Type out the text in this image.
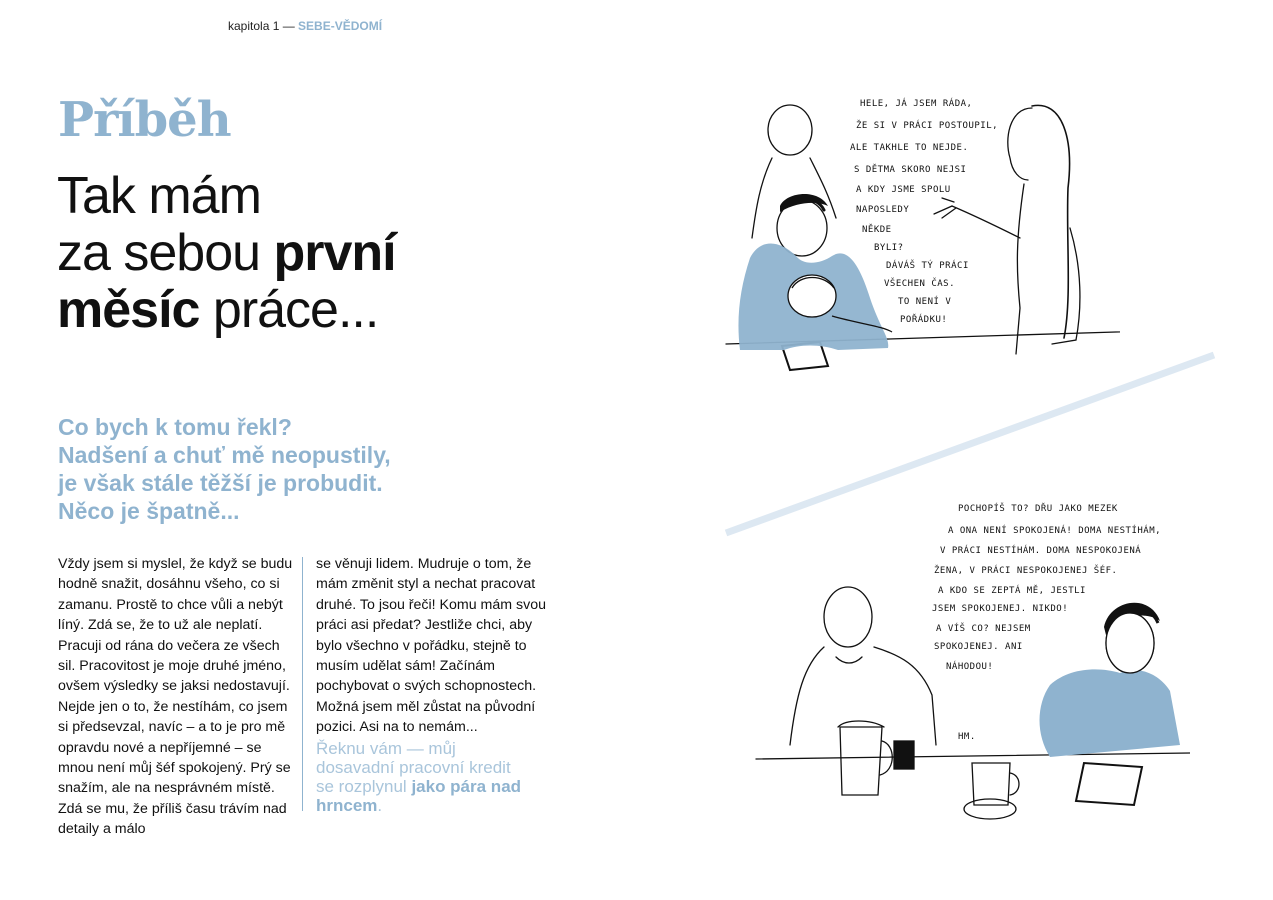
kapitola 1 — SEBE-VĚDOMÍ
Příběh
Tak mám
za sebou první
měsíc práce...
Co bych k tomu řekl?
Nadšení a chuť mě neopustily,
je však stále těžší je probudit.
Něco je špatně...
Vždy jsem si myslel, že když se budu hodně snažit, dosáhnu všeho, co si zamanu. Prostě to chce vůli a nebýt líný. Zdá se, že to už ale neplatí. Pracuji od rána do večera ze všech sil. Pracovitost je moje druhé jméno, ovšem výsledky se jaksi nedostavují. Nejde jen o to, že nestíhám, co jsem si předsevzal, navíc – a to je pro mě opravdu nové a nepříjemné – se mnou není můj šéf spokojený. Prý se snažím, ale na nesprávném místě. Zdá se mu, že příliš času trávím nad detaily a málo
se věnuji lidem. Mudruje o tom, že mám změnit styl a nechat pracovat druhé. To jsou řeči! Komu mám svou práci asi předat? Jestliže chci, aby bylo všechno v pořádku, stejně to musím udělat sám! Začínám pochybovat o svých schopnostech. Možná jsem měl zůstat na původní pozici. Asi na to nemám...
Řeknu vám — můj dosavadní pracovní kredit se rozplynul jako pára nad hrncem.
HELE, JÁ JSEM RÁDA,
ŽE SI V PRÁCI POSTOUPIL,
ALE TAKHLE TO NEJDE.
S DĚTMA SKORO NEJSI
A KDY JSME SPOLU
NAPOSLEDY
NĚKDE
BYLI?
DÁVÁŠ TÝ PRÁCI
VŠECHEN ČAS.
TO NENÍ V
POŘÁDKU!
POCHOPÍŠ TO? DŘU JAKO MEZEK
A ONA NENÍ SPOKOJENÁ! DOMA NESTÍHÁM,
V PRÁCI NESTÍHÁM. DOMA NESPOKOJENÁ
ŽENA, V PRÁCI NESPOKOJENEJ ŠÉF.
A KDO SE ZEPTÁ MĚ, JESTLI
JSEM SPOKOJENEJ. NIKDO!
A VÍŠ CO? NEJSEM
SPOKOJENEJ. ANI
NÁHODOU!
HM.
